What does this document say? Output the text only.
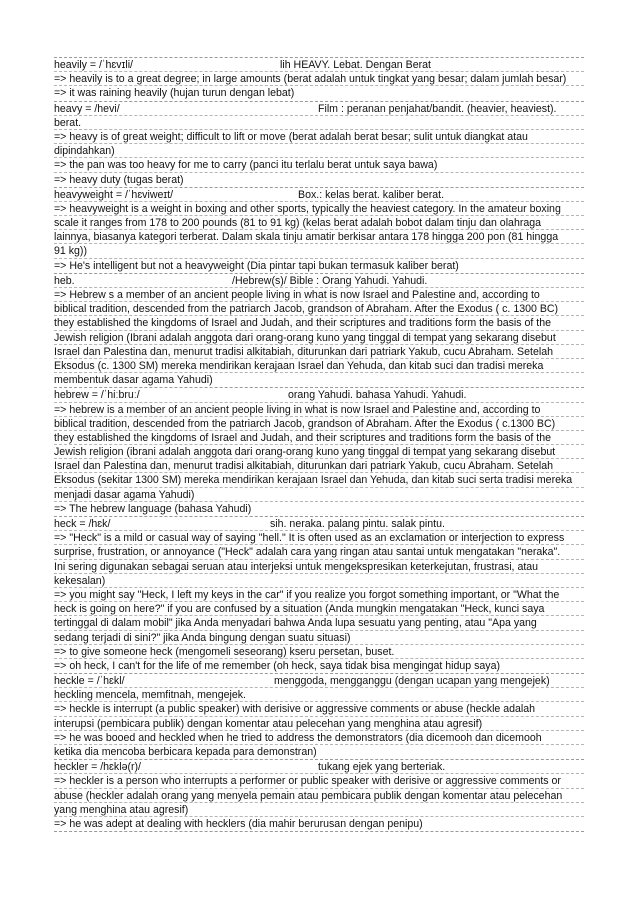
heavily = /ˈhɛvɪli/	lih HEAVY. Lebat. Dengan Berat
=> heavily is to a great degree; in large amounts (berat adalah untuk tingkat yang besar; dalam jumlah besar)
=> it was raining heavily (hujan turun dengan lebat)
heavy = /hevi/	Film : peranan penjahat/bandit. (heavier, heaviest).
berat.
=> heavy is of great weight; difficult to lift or move (berat adalah berat besar; sulit untuk diangkat atau
dipindahkan)
=> the pan was too heavy for me to carry (panci itu terlalu berat untuk saya bawa)
=> heavy duty (tugas berat)
heavyweight = /ˈhɛviweɪt/	Box.: kelas berat. kaliber berat.
=> heavyweight is a weight in boxing and other sports, typically the heaviest category. In the amateur boxing
scale it ranges from 178 to 200 pounds (81 to 91 kg) (kelas berat adalah bobot dalam tinju dan olahraga
lainnya, biasanya kategori terberat. Dalam skala tinju amatir berkisar antara 178 hingga 200 pon (81 hingga
91 kg))
=> He's intelligent but not a heavyweight (Dia pintar tapi bukan termasuk kaliber berat)
heb.	/Hebrew(s)/ Bible : Orang Yahudi. Yahudi.
=> Hebrew s a member of an ancient people living in what is now Israel and Palestine and, according to
biblical tradition, descended from the patriarch Jacob, grandson of Abraham. After the Exodus ( c. 1300 BC)
they established the kingdoms of Israel and Judah, and their scriptures and traditions form the basis of the
Jewish religion (Ibrani adalah anggota dari orang-orang kuno yang tinggal di tempat yang sekarang disebut
Israel dan Palestina dan, menurut tradisi alkitabiah, diturunkan dari patriark Yakub, cucu Abraham. Setelah
Eksodus (c. 1300 SM) mereka mendirikan kerajaan Israel dan Yehuda, dan kitab suci dan tradisi mereka
membentuk dasar agama Yahudi)
hebrew = /ˈhiːbruː/	orang Yahudi. bahasa Yahudi. Yahudi.
=> hebrew is a member of an ancient people living in what is now Israel and Palestine and, according to
biblical tradition, descended from the patriarch Jacob, grandson of Abraham. After the Exodus ( c.1300 BC)
they established the kingdoms of Israel and Judah, and their scriptures and traditions form the basis of the
Jewish religion (ibrani adalah anggota dari orang-orang kuno yang tinggal di tempat yang sekarang disebut
Israel dan Palestina dan, menurut tradisi alkitabiah, diturunkan dari patriark Yakub, cucu Abraham. Setelah
Eksodus (sekitar 1300 SM) mereka mendirikan kerajaan Israel dan Yehuda, dan kitab suci serta tradisi mereka
menjadi dasar agama Yahudi)
=> The hebrew language (bahasa Yahudi)
heck = /hɛk/	sih. neraka. palang pintu. salak pintu.
=> "Heck" is a mild or casual way of saying "hell." It is often used as an exclamation or interjection to express
surprise, frustration, or annoyance ("Heck" adalah cara yang ringan atau santai untuk mengatakan "neraka".
Ini sering digunakan sebagai seruan atau interjeksi untuk mengekspresikan keterkejutan, frustrasi, atau
kekesalan)
=> you might say "Heck, I left my keys in the car" if you realize you forgot something important, or "What the
heck is going on here?" if you are confused by a situation (Anda mungkin mengatakan "Heck, kunci saya
tertinggal di dalam mobil" jika Anda menyadari bahwa Anda lupa sesuatu yang penting, atau "Apa yang
sedang terjadi di sini?" jika Anda bingung dengan suatu situasi)
=> to give someone heck (mengomeli seseorang) kseru persetan, buset.
=> oh heck, I can't for the life of me remember (oh heck, saya tidak bisa mengingat hidup saya)
heckle = /ˈhɛkl/	menggoda, mengganggu (dengan ucapan yang mengejek)
heckling mencela, memfitnah, mengejek.
=> heckle is interrupt (a public speaker) with derisive or aggressive comments or abuse (heckle adalah
interupsi (pembicara publik) dengan komentar atau pelecehan yang menghina atau agresif)
=> he was booed and heckled when he tried to address the demonstrators (dia dicemooh dan dicemooh
ketika dia mencoba berbicara kepada para demonstran)
heckler = /hɛklə(r)/	tukang ejek yang berteriak.
=> heckler is a person who interrupts a performer or public speaker with derisive or aggressive comments or
abuse (heckler adalah orang yang menyela pemain atau pembicara publik dengan komentar atau pelecehan
yang menghina atau agresif)
=> he was adept at dealing with hecklers (dia mahir berurusan dengan penipu)
